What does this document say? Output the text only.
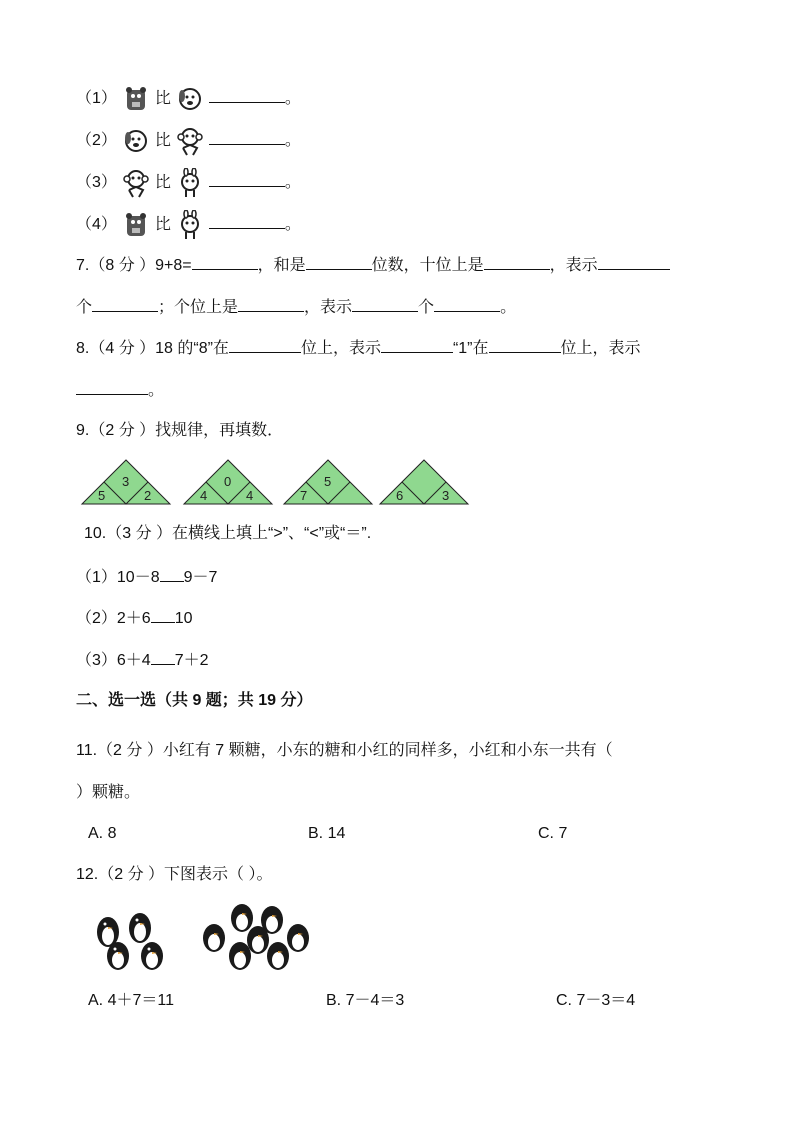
（1） 比	。
（2） 比	。
（3） 比	。
（4） 比	。
7.（8 分 ）9+8=	，和是	位数，十位上是	，表示
个	；个位上是	，表示	个	。
8.（4 分 ）18 的“8”在	位上，表示	“1”在	位上，表示
。
9.（2 分 ）找规律，再填数．
3
5	2
0
4	4
5
7	6	3
10.（3 分 ）在横线上填上“>”、“<”或“＝”.
（1）10－8 9－7
（2）2＋6 10
（3）6＋4 7＋2
二、选一选（共 9 题；共 19 分）
11.（2 分 ）小红有 7 颗糖，小东的糖和小红的同样多，小红和小东一共有（
）颗糖。
A. 8	B. 14	C. 7
12.（2 分 ）下图表示（ ）。
A. 4＋7＝11	B. 7－4＝3	C. 7－3＝4
